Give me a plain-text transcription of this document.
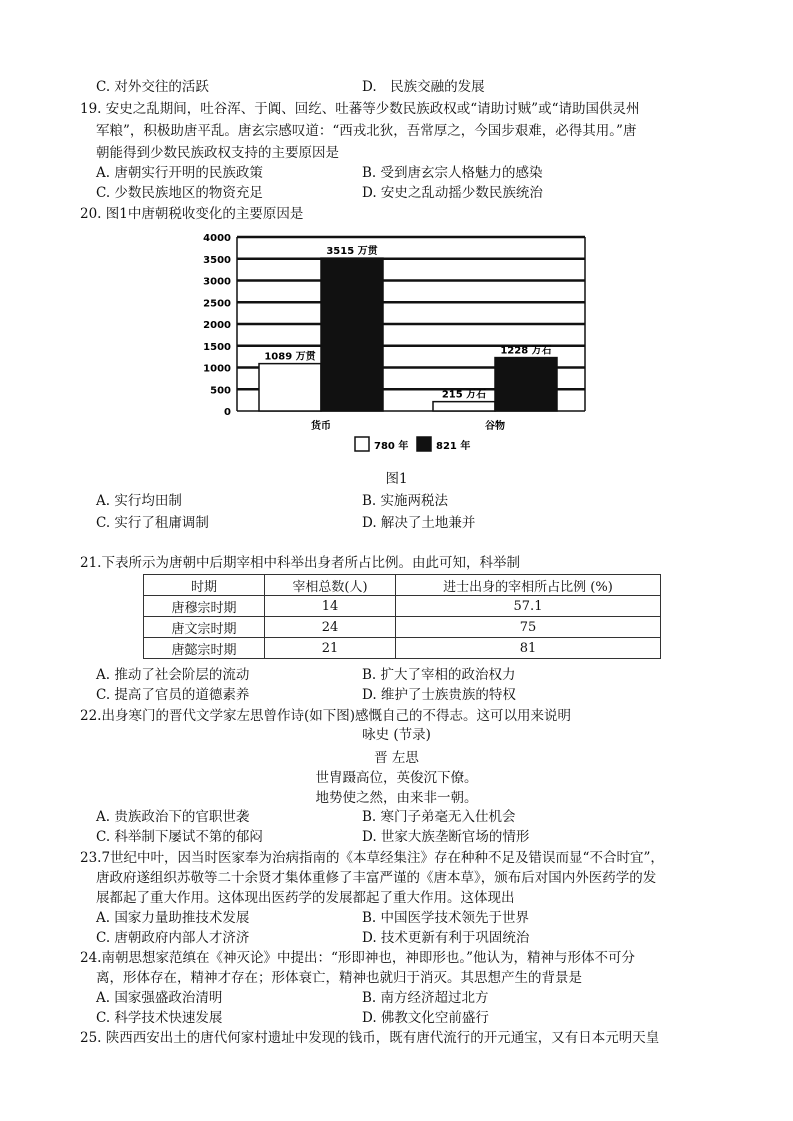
C. 对外交往的活跃	D.　民族交融的发展
19. 安史之乱期间，吐谷浑、于阗、回纥、吐蕃等少数民族政权或“请助讨贼”或“请助国供灵州
军粮”，积极助唐平乱。唐玄宗感叹道：“西戎北狄，吾常厚之，今国步艰难，必得其用。”唐
朝能得到少数民族政权支持的主要原因是
A. 唐朝实行开明的民族政策	B. 受到唐玄宗人格魅力的感染
C. 少数民族地区的物资充足	D. 安史之乱动摇少数民族统治
20. 图1中唐朝税收变化的主要原因是
0
500
1000
1500
2000
2500
3000
3500
4000
1089 万贯
3515 万贯
215 万石
1228 万石
货币	谷物
780 年	821 年
图1
A. 实行均田制	B. 实施两税法
C. 实行了租庸调制	D. 解决了土地兼并
21.下表所示为唐朝中后期宰相中科举出身者所占比例。由此可知，科举制
时期	宰相总数(人)	进士出身的宰相所占比例 (%)
唐穆宗时期	14	57.1
唐文宗时期	24	75
唐懿宗时期	21	81
A. 推动了社会阶层的流动	B. 扩大了宰相的政治权力
C. 提高了官员的道德素养	D. 维护了士族贵族的特权
22.出身寒门的晋代文学家左思曾作诗(如下图)感慨自己的不得志。这可以用来说明
咏史 (节录)
晋 左思
世胄蹑高位，英俊沉下僚。
地势使之然，由来非一朝。
A. 贵族政治下的官职世袭	B. 寒门子弟毫无入仕机会
C. 科举制下屡试不第的郁闷	D. 世家大族垄断官场的情形
23.7世纪中叶，因当时医家奉为治病指南的《本草经集注》存在种种不足及错误而显“不合时宜”，
唐政府遂组织苏敬等二十余贤才集体重修了丰富严谨的《唐本草》，颁布后对国内外医药学的发
展都起了重大作用。这体现出医药学的发展都起了重大作用。这体现出
A. 国家力量助推技术发展	B. 中国医学技术领先于世界
C. 唐朝政府内部人才济济	D. 技术更新有利于巩固统治
24.南朝思想家范缜在《神灭论》中提出：“形即神也，神即形也。”他认为，精神与形体不可分
离，形体存在，精神才存在；形体衰亡，精神也就归于消灭。其思想产生的背景是
A. 国家强盛政治清明	B. 南方经济超过北方
C. 科学技术快速发展	D. 佛教文化空前盛行
25. 陕西西安出土的唐代何家村遗址中发现的钱币，既有唐代流行的开元通宝，又有日本元明天皇
